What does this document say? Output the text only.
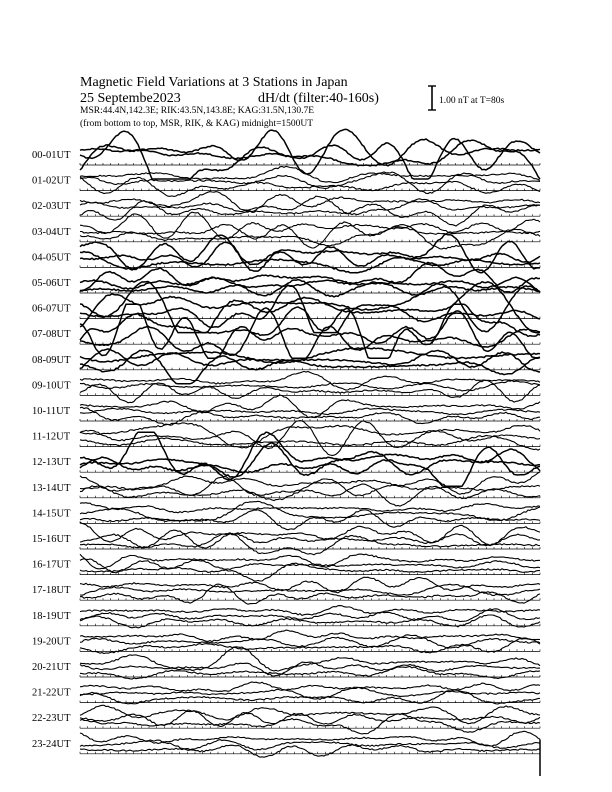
Magnetic Field Variations at 3 Stations in Japan
25 Septembe2023	dH/dt (filter:40-160s)
MSR:44.4N,142.3E; RIK:43.5N,143.8E; KAG:31.5N,130.7E
(from bottom to top, MSR, RIK, & KAG) midnight=1500UT
1.00 nT at T=80s
00-01UT
01-02UT
02-03UT
03-04UT
04-05UT
05-06UT
06-07UT
07-08UT
08-09UT
09-10UT
10-11UT
11-12UT
12-13UT
13-14UT
14-15UT
15-16UT
16-17UT
17-18UT
18-19UT
19-20UT
20-21UT
21-22UT
22-23UT
23-24UT
